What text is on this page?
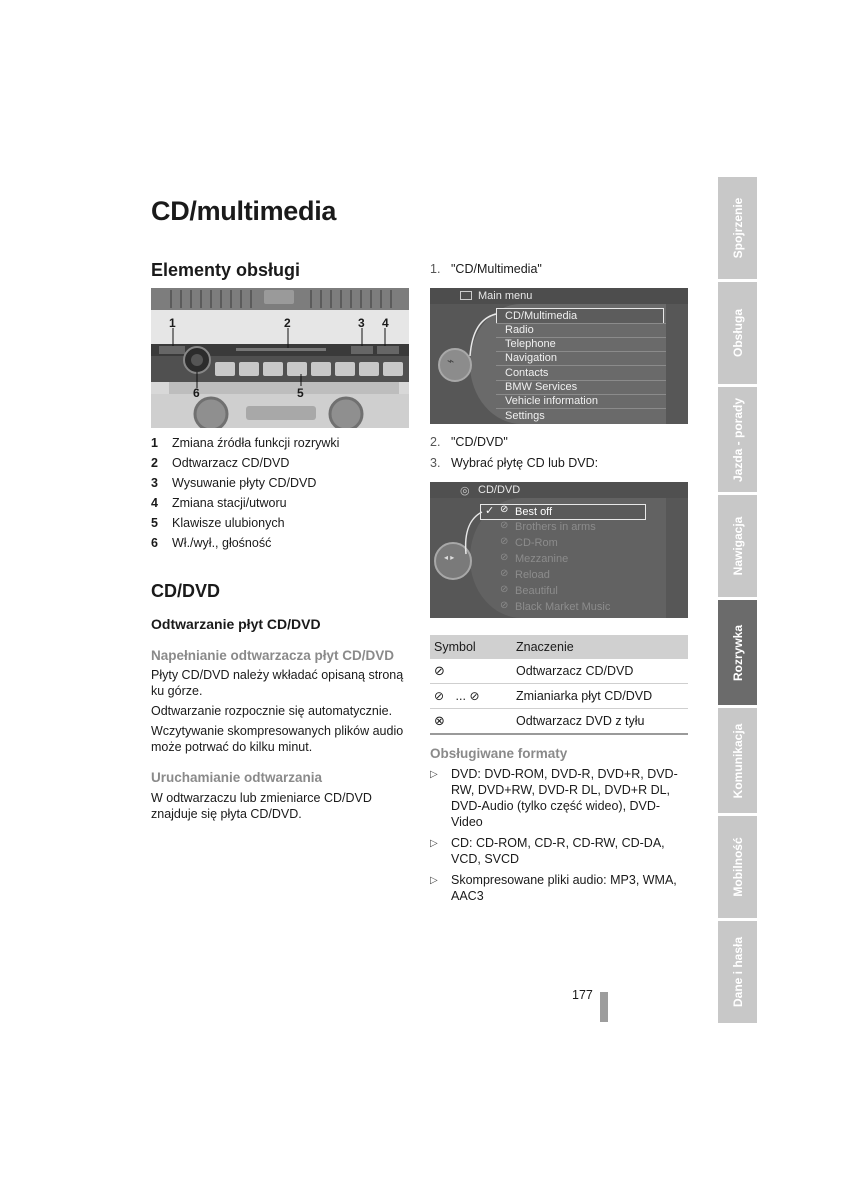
CD/multimedia
Elementy obsługi
1	2	3 4
5
6
1	Zmiana źródła funkcji rozrywki
2	Odtwarzacz CD/DVD
3	Wysuwanie płyty CD/DVD
4	Zmiana stacji/utworu
5	Klawisze ulubionych
6	Wł./wył., głośność
CD/DVD
Odtwarzanie płyt CD/DVD
Napełnianie odtwarzacza płyt CD/DVD
Płyty CD/DVD należy wkładać opisaną stroną ku górze.
Odtwarzanie rozpocznie się automatycznie.
Wczytywanie skompresowanych plików audio może potrwać do kilku minut.
Uruchamianie odtwarzania
W odtwarzaczu lub zmieniarce CD/DVD znajduje się płyta CD/DVD.
1. "CD/Multimedia"
Main menu
⌁
CD/Multimedia
Radio
Telephone
Navigation
Contacts
BMW Services
Vehicle information
Settings
2. "CD/DVD"
3. Wybrać płytę CD lub DVD:
◎ CD/DVD
◂ ▸
✓ ⊘ Best off
⊘ Brothers in arms
⊘ CD-Rom
⊘ Mezzanine
⊘ Reload
⊘ Beautiful
⊘ Black Market Music
Symbol	Znaczenie
⊘	Odtwarzacz CD/DVD
⊘ ... ⊘	Zmianiarka płyt CD/DVD
⊗	Odtwarzacz DVD z tyłu
Obsługiwane formaty
▷	DVD: DVD-ROM, DVD-R, DVD+R, DVD-RW, DVD+RW, DVD-R DL, DVD+R DL, DVD-Audio (tylko część wideo), DVD-Video
▷	CD: CD-ROM, CD-R, CD-RW, CD-DA, VCD, SVCD
▷	Skompresowane pliki audio: MP3, WMA, AAC3
177
Spojrzenie
Obsługa
Jazda - porady
Nawigacja
Rozrywka
Komunikacja
Mobilność
Dane i hasła
